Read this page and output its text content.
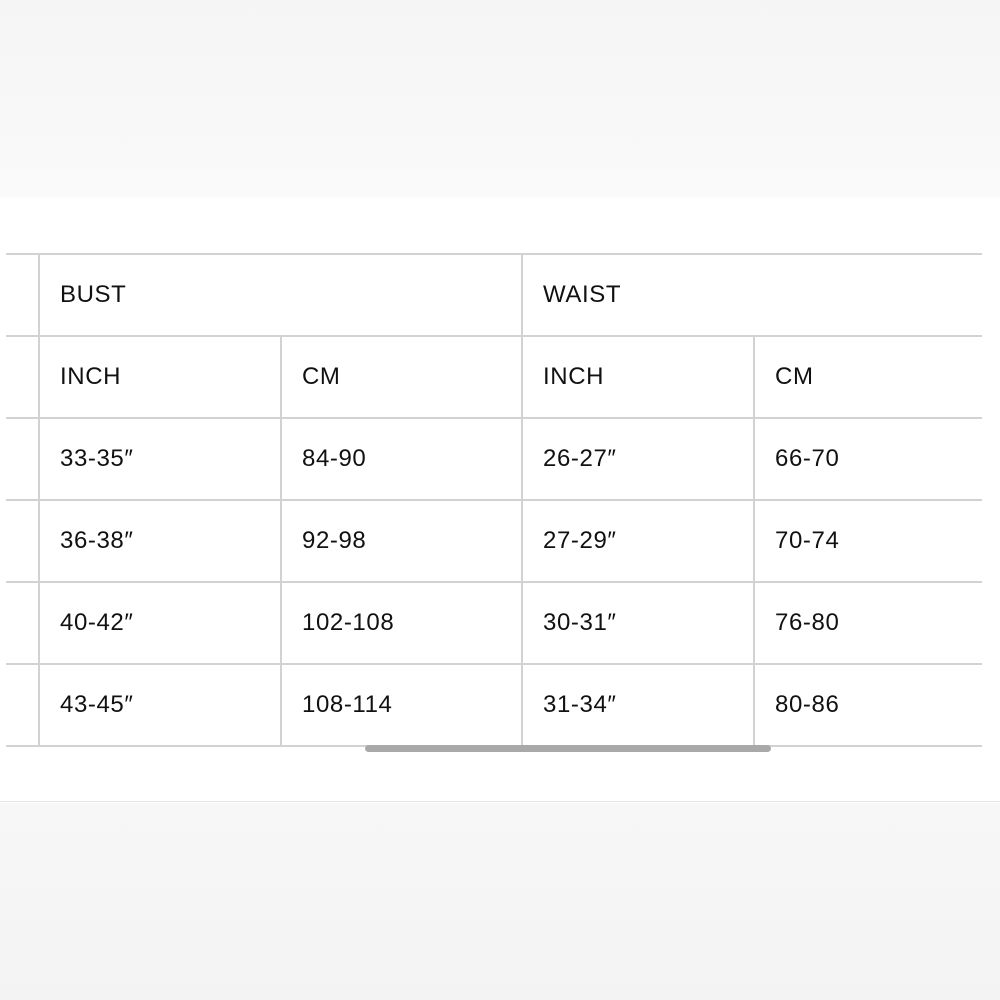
	BUST		WAIST	
	INCH	CM	INCH	CM
	33-35″	84-90	26-27″	66-70
	36-38″	92-98	27-29″	70-74
	40-42″	102-108	30-31″	76-80
	43-45″	108-114	31-34″	80-86
